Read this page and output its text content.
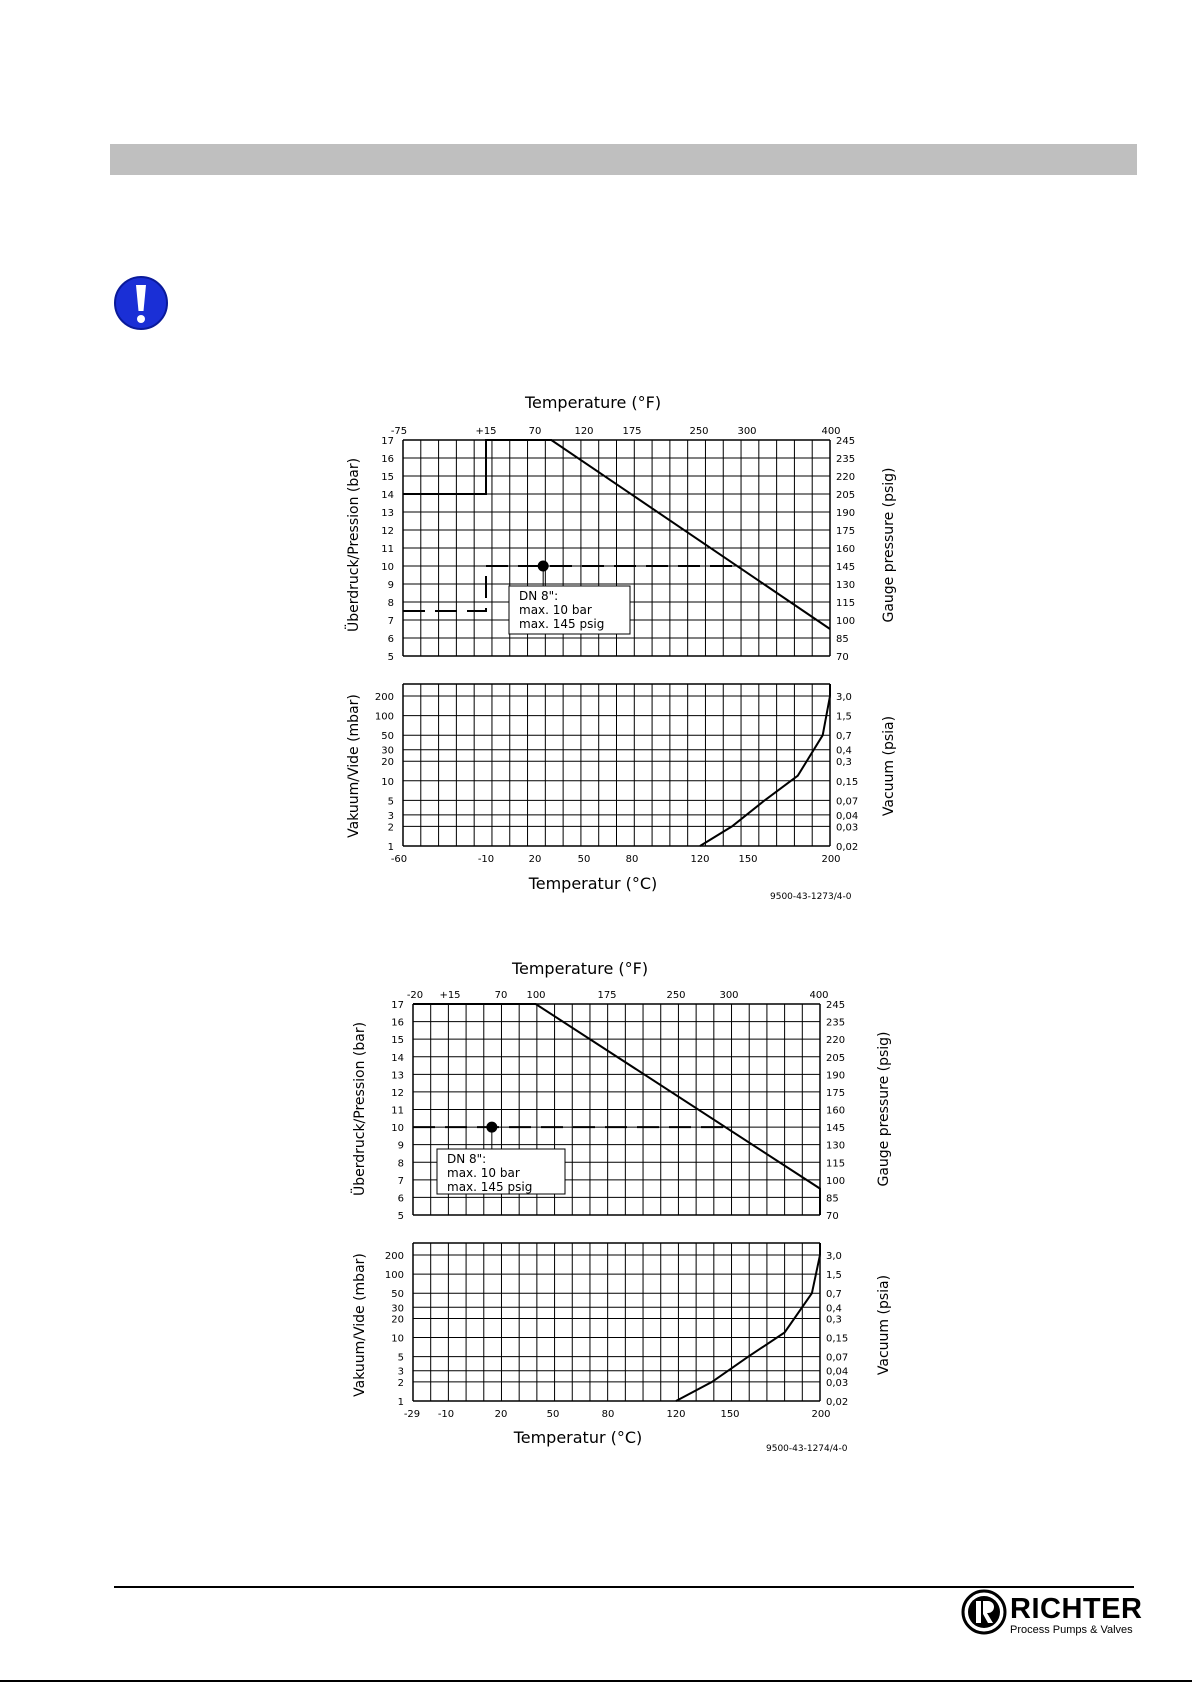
Temperature (°F)
Temperatur (°C)
Überdruck/Pression (bar)	Gauge pressure (psig)
Vakuum/Vide (mbar)	Vacuum (psia)
9500-43-1273/4-0
17	245
16	235
15	220
14	205
13	190
12	175
11	160
10	145
9	130
8	115
7	100
6	85
5	70
200	3,0
100	1,5
50	0,7
30	0,4
20	0,3
10	0,15
5	0,07
3	0,04
2	0,03
1	0,02
-75	+15	70	120	175	250	300	400
-60	-10	20	50	80	120	150	200
DN 8":
max. 10 bar
max. 145 psig
Temperature (°F)
Temperatur (°C)
Überdruck/Pression (bar)	Gauge pressure (psig)
Vakuum/Vide (mbar)	Vacuum (psia)
9500-43-1274/4-0
17	245
16	235
15	220
14	205
13	190
12	175
11	160
10	145
9	130
8	115
7	100
6	85
5	70
200	3,0
100	1,5
50	0,7
30	0,4
20	0,3
10	0,15
5	0,07
3	0,04
2	0,03
1	0,02
-20 +15	70 100	175	250	300	400
-29 -10	20	50	80	120	150	200
DN 8":
max. 10 bar
max. 145 psig
RICHTER
Process Pumps & Valves
